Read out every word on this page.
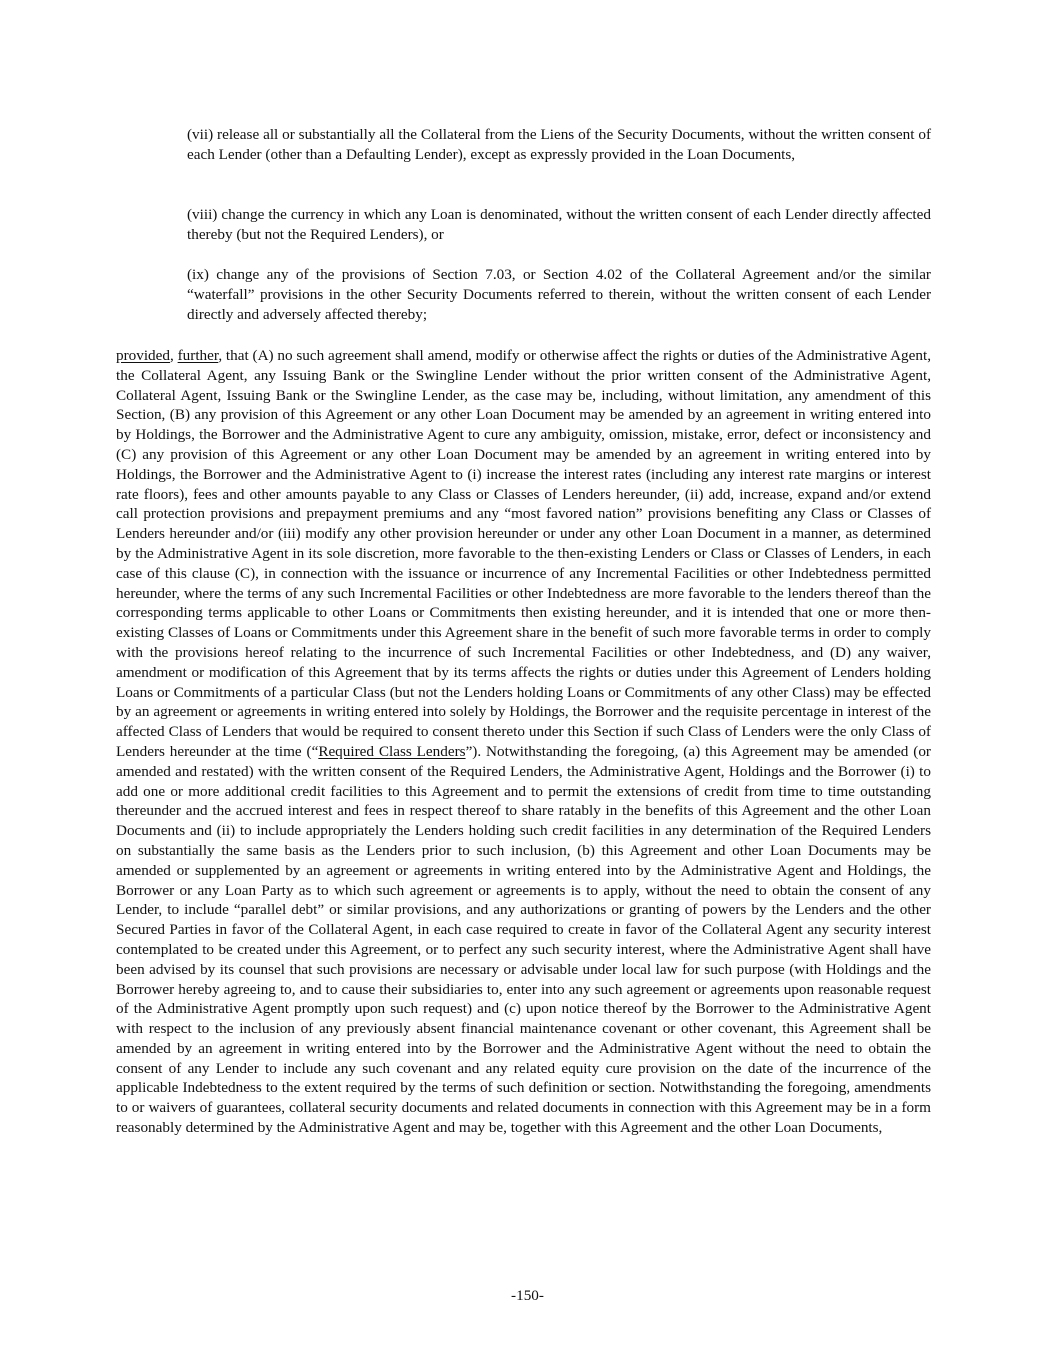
(vii) release all or substantially all the Collateral from the Liens of the Security Documents, without the written consent of each Lender (other than a Defaulting Lender), except as expressly provided in the Loan Documents,

(viii) change the currency in which any Loan is denominated, without the written consent of each Lender directly affected thereby (but not the Required Lenders), or

(ix) change any of the provisions of Section 7.03, or Section 4.02 of the Collateral Agreement and/or the similar “waterfall” provisions in the other Security Documents referred to therein, without the written consent of each Lender directly and adversely affected thereby;

provided, further, that (A) no such agreement shall amend, modify or otherwise affect the rights or duties of the Administrative Agent, the Collateral Agent, any Issuing Bank or the Swingline Lender without the prior written consent of the Administrative Agent, Collateral Agent, Issuing Bank or the Swingline Lender, as the case may be, including, without limitation, any amendment of this Section, (B) any provision of this Agreement or any other Loan Document may be amended by an agreement in writing entered into by Holdings, the Borrower and the Administrative Agent to cure any ambiguity, omission, mistake, error, defect or inconsistency and (C) any provision of this Agreement or any other Loan Document may be amended by an agreement in writing entered into by Holdings, the Borrower and the Administrative Agent to (i) increase the interest rates (including any interest rate margins or interest rate floors), fees and other amounts payable to any Class or Classes of Lenders hereunder, (ii) add, increase, expand and/or extend call protection provisions and prepayment premiums and any “most favored nation” provisions benefiting any Class or Classes of Lenders hereunder and/or (iii) modify any other provision hereunder or under any other Loan Document in a manner, as determined by the Administrative Agent in its sole discretion, more favorable to the then-existing Lenders or Class or Classes of Lenders, in each case of this clause (C), in connection with the issuance or incurrence of any Incremental Facilities or other Indebtedness permitted hereunder, where the terms of any such Incremental Facilities or other Indebtedness are more favorable to the lenders thereof than the corresponding terms applicable to other Loans or Commitments then existing hereunder, and it is intended that one or more then-existing Classes of Loans or Commitments under this Agreement share in the benefit of such more favorable terms in order to comply with the provisions hereof relating to the incurrence of such Incremental Facilities or other Indebtedness, and (D) any waiver, amendment or modification of this Agreement that by its terms affects the rights or duties under this Agreement of Lenders holding Loans or Commitments of a particular Class (but not the Lenders holding Loans or Commitments of any other Class) may be effected by an agreement or agreements in writing entered into solely by Holdings, the Borrower and the requisite percentage in interest of the affected Class of Lenders that would be required to consent thereto under this Section if such Class of Lenders were the only Class of Lenders hereunder at the time (“Required Class Lenders”). Notwithstanding the foregoing, (a) this Agreement may be amended (or amended and restated) with the written consent of the Required Lenders, the Administrative Agent, Holdings and the Borrower (i) to add one or more additional credit facilities to this Agreement and to permit the extensions of credit from time to time outstanding thereunder and the accrued interest and fees in respect thereof to share ratably in the benefits of this Agreement and the other Loan Documents and (ii) to include appropriately the Lenders holding such credit facilities in any determination of the Required Lenders on substantially the same basis as the Lenders prior to such inclusion, (b) this Agreement and other Loan Documents may be amended or supplemented by an agreement or agreements in writing entered into by the Administrative Agent and Holdings, the Borrower or any Loan Party as to which such agreement or agreements is to apply, without the need to obtain the consent of any Lender, to include “parallel debt” or similar provisions, and any authorizations or granting of powers by the Lenders and the other Secured Parties in favor of the Collateral Agent, in each case required to create in favor of the Collateral Agent any security interest contemplated to be created under this Agreement, or to perfect any such security interest, where the Administrative Agent shall have been advised by its counsel that such provisions are necessary or advisable under local law for such purpose (with Holdings and the Borrower hereby agreeing to, and to cause their subsidiaries to, enter into any such agreement or agreements upon reasonable request of the Administrative Agent promptly upon such request) and (c) upon notice thereof by the Borrower to the Administrative Agent with respect to the inclusion of any previously absent financial maintenance covenant or other covenant, this Agreement shall be amended by an agreement in writing entered into by the Borrower and the Administrative Agent without the need to obtain the consent of any Lender to include any such covenant and any related equity cure provision on the date of the incurrence of the applicable Indebtedness to the extent required by the terms of such definition or section. Notwithstanding the foregoing, amendments to or waivers of guarantees, collateral security documents and related documents in connection with this Agreement may be in a form reasonably determined by the Administrative Agent and may be, together with this Agreement and the other Loan Documents,

-150-
